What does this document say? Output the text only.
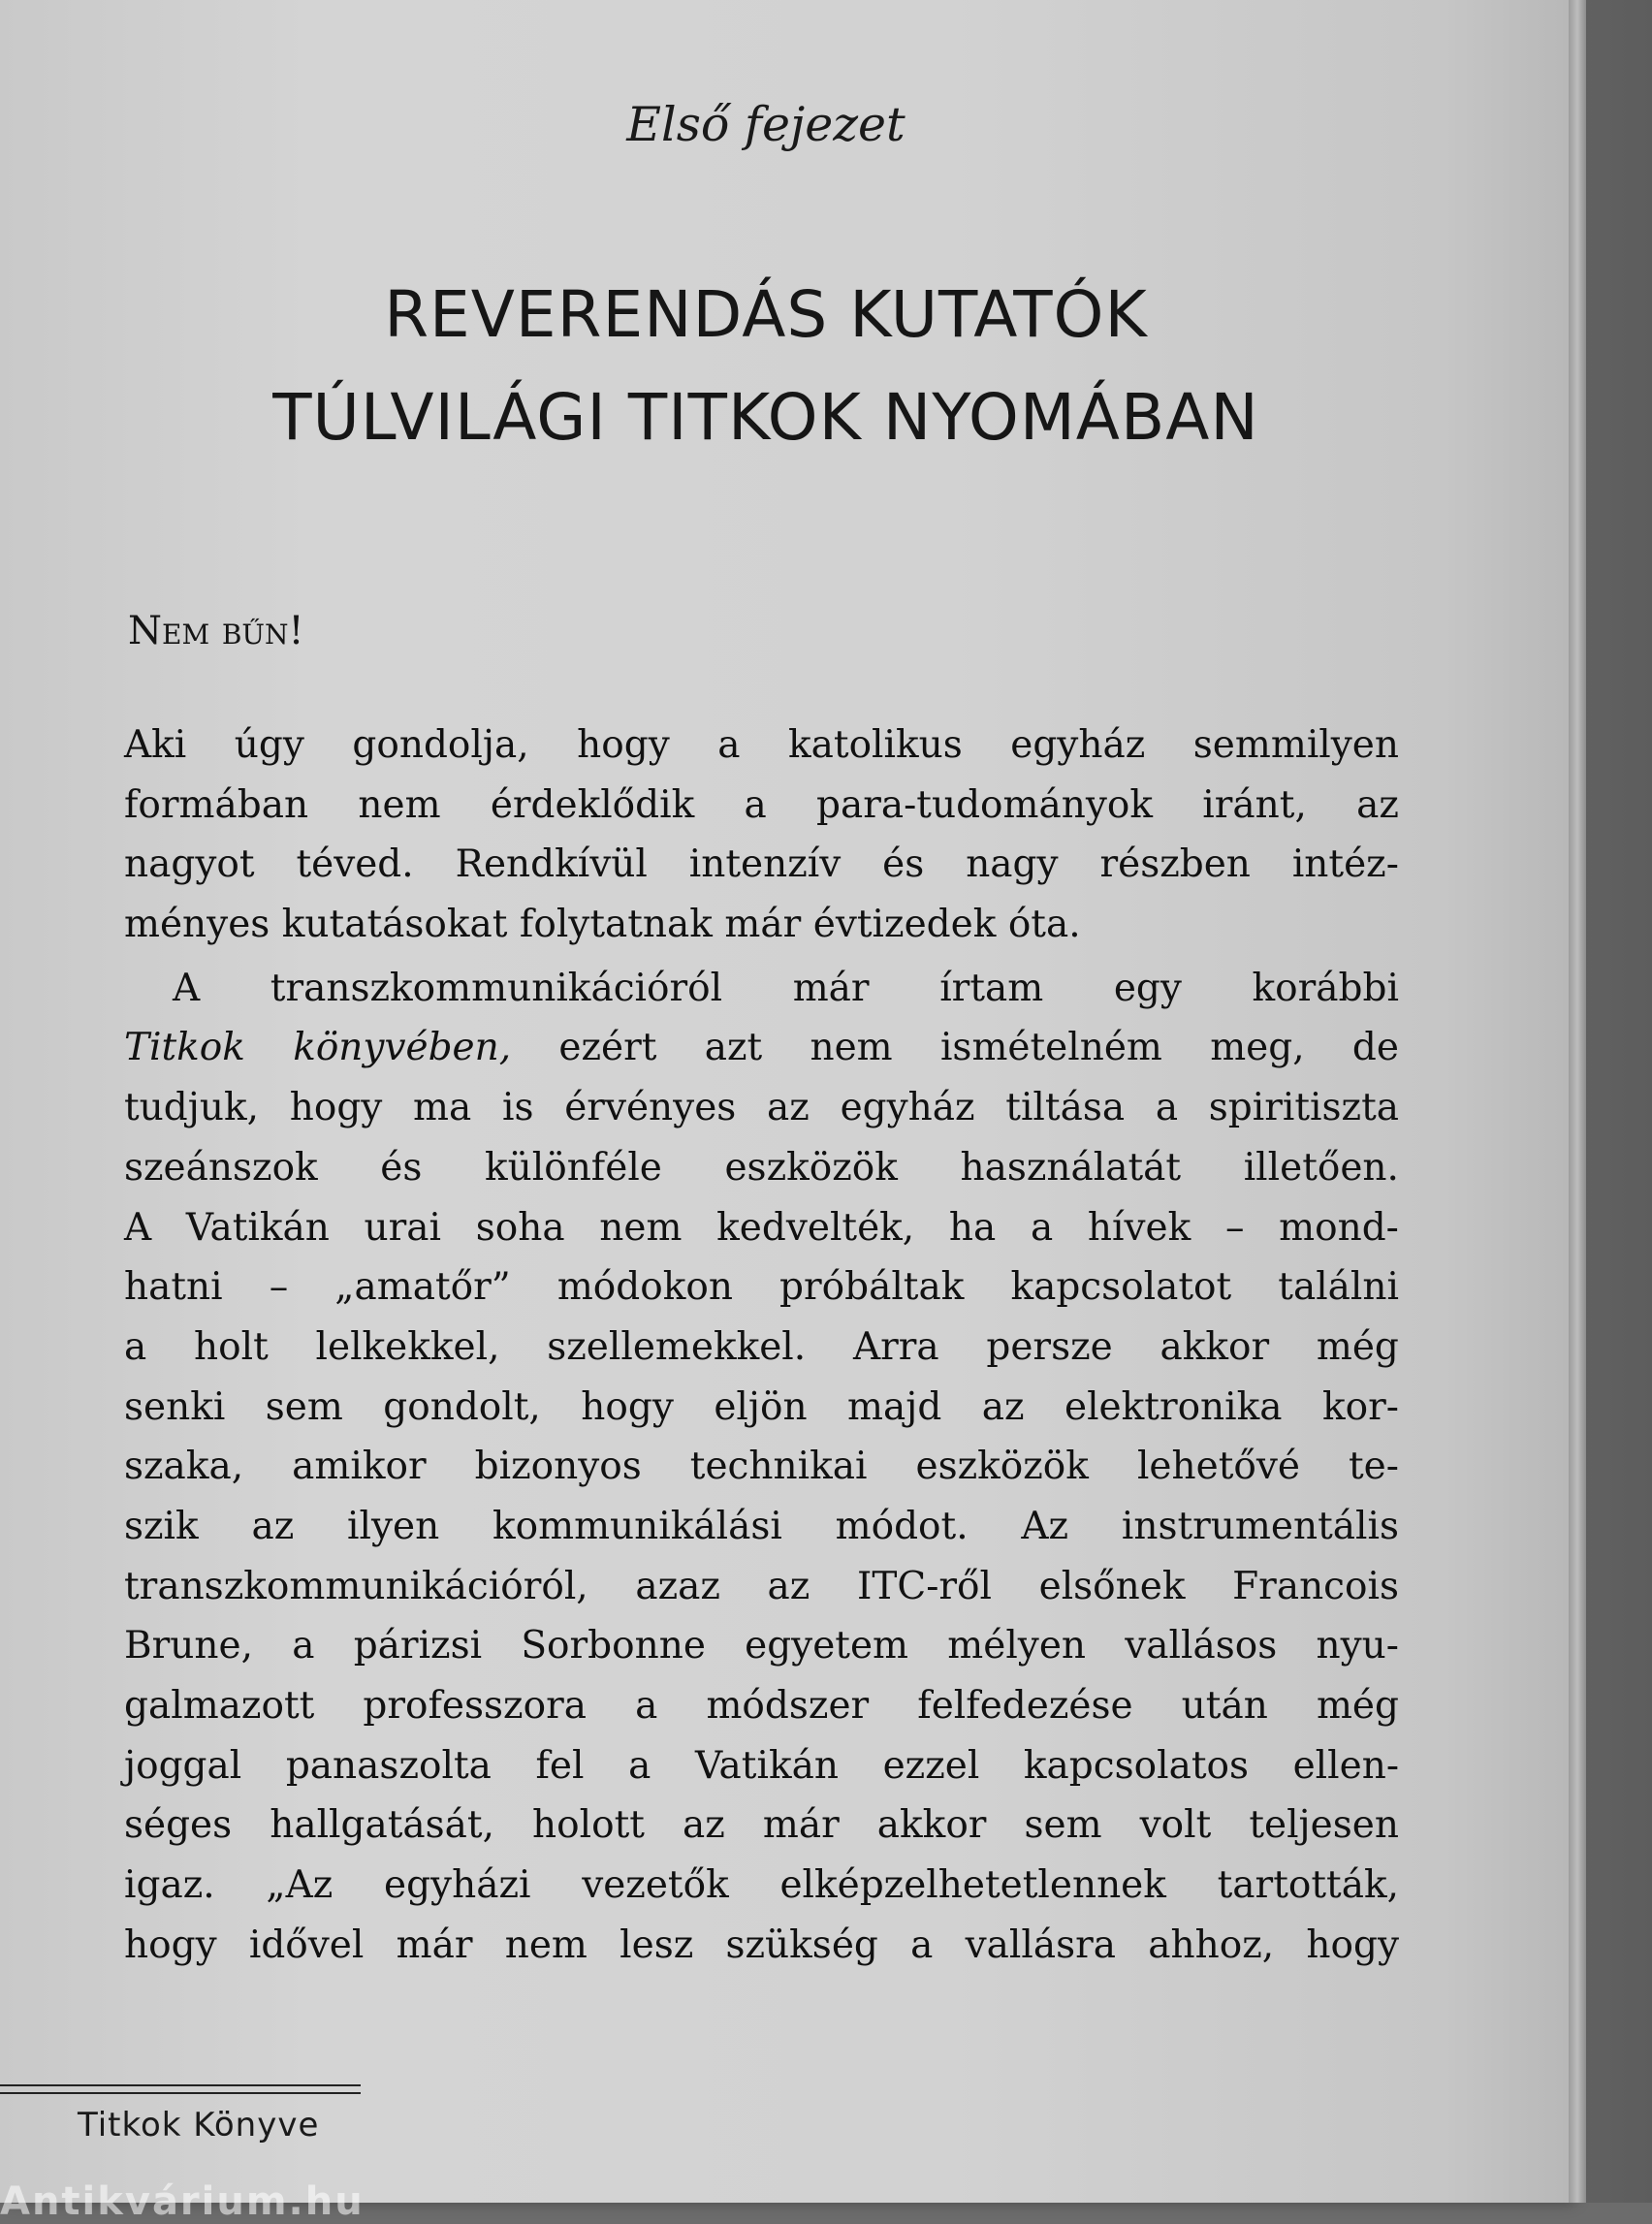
Első fejezet
REVERENDÁS KUTATÓK
TÚLVILÁGI TITKOK NYOMÁBAN
Nem bűn!
Aki úgy gondolja, hogy a katolikus egyház semmilyen
formában nem érdeklődik a para-tudományok iránt, az
nagyot téved. Rendkívül intenzív és nagy részben intéz-
ményes kutatásokat folytatnak már évtizedek óta.
A transzkommunikációról már írtam egy korábbi
Titkok könyvében, ezért azt nem ismételném meg, de
tudjuk, hogy ma is érvényes az egyház tiltása a spiritiszta
szeánszok és különféle eszközök használatát illetően.
A Vatikán urai soha nem kedvelték, ha a hívek – mond-
hatni – „amatőr” módokon próbáltak kapcsolatot találni
a holt lelkekkel, szellemekkel. Arra persze akkor még
senki sem gondolt, hogy eljön majd az elektronika kor-
szaka, amikor bizonyos technikai eszközök lehetővé te-
szik az ilyen kommunikálási módot. Az instrumentális
transzkommunikációról, azaz az ITC-ről elsőnek Francois
Brune, a párizsi Sorbonne egyetem mélyen vallásos nyu-
galmazott professzora a módszer felfedezése után még
joggal panaszolta fel a Vatikán ezzel kapcsolatos ellen-
séges hallgatását, holott az már akkor sem volt teljesen
igaz. „Az egyházi vezetők elképzelhetetlennek tartották,
hogy idővel már nem lesz szükség a vallásra ahhoz, hogy
Titkok Könyve
Antikvárium.hu
